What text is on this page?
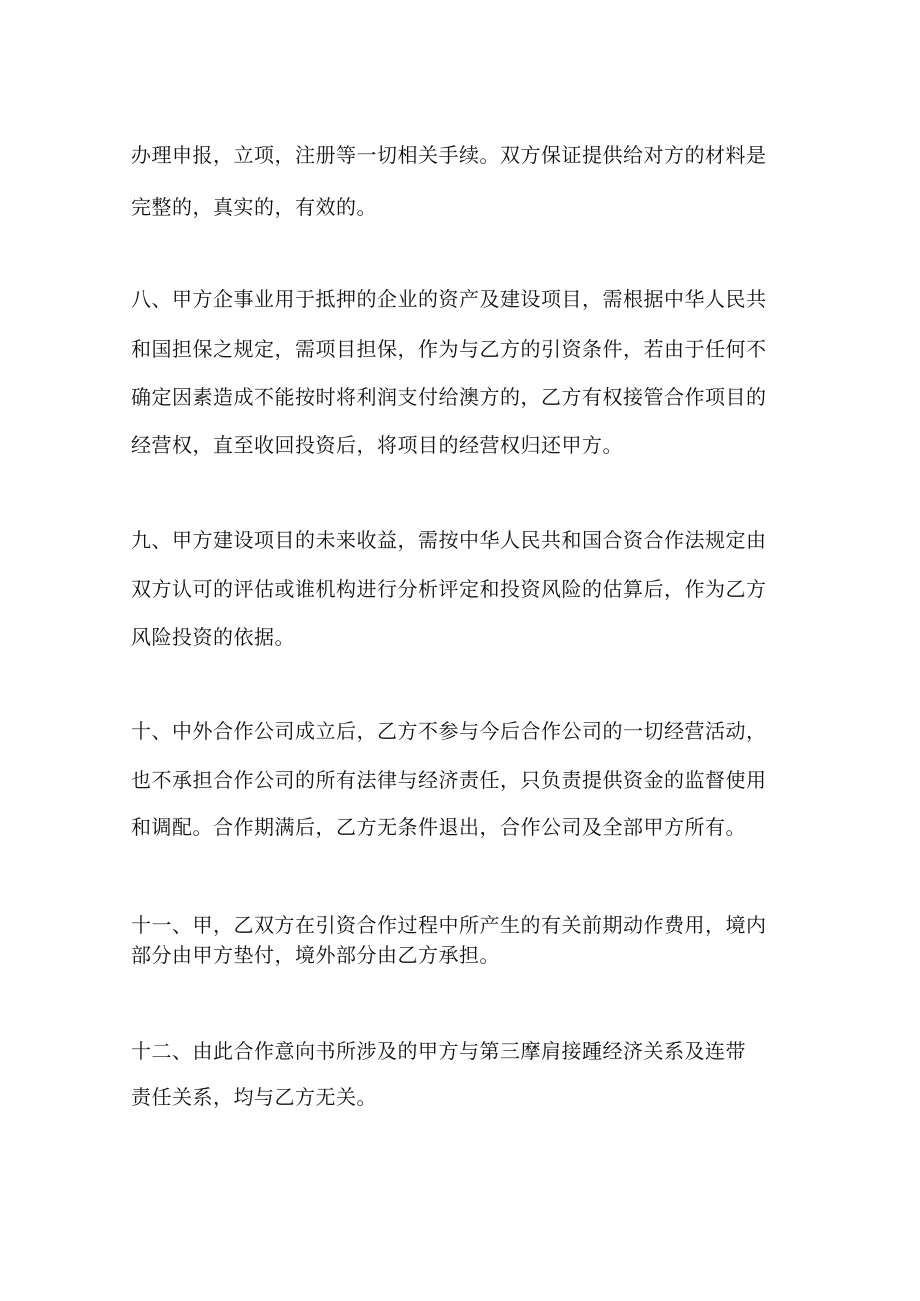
办理申报，立项，注册等一切相关手续。双方保证提供给对方的材料是

完整的，真实的，有效的。

八、甲方企事业用于抵押的企业的资产及建设项目，需根据中华人民共

和国担保之规定，需项目担保，作为与乙方的引资条件，若由于任何不

确定因素造成不能按时将利润支付给澳方的，乙方有权接管合作项目的

经营权，直至收回投资后，将项目的经营权归还甲方。

九、甲方建设项目的未来收益，需按中华人民共和国合资合作法规定由

双方认可的评估或谁机构进行分析评定和投资风险的估算后，作为乙方

风险投资的依据。

十、中外合作公司成立后，乙方不参与今后合作公司的一切经营活动，

也不承担合作公司的所有法律与经济责任，只负责提供资金的监督使用

和调配。合作期满后，乙方无条件退出，合作公司及全部甲方所有。

十一、甲，乙双方在引资合作过程中所产生的有关前期动作费用，境内

部分由甲方垫付，境外部分由乙方承担。

十二、由此合作意向书所涉及的甲方与第三摩肩接踵经济关系及连带

责任关系，均与乙方无关。
